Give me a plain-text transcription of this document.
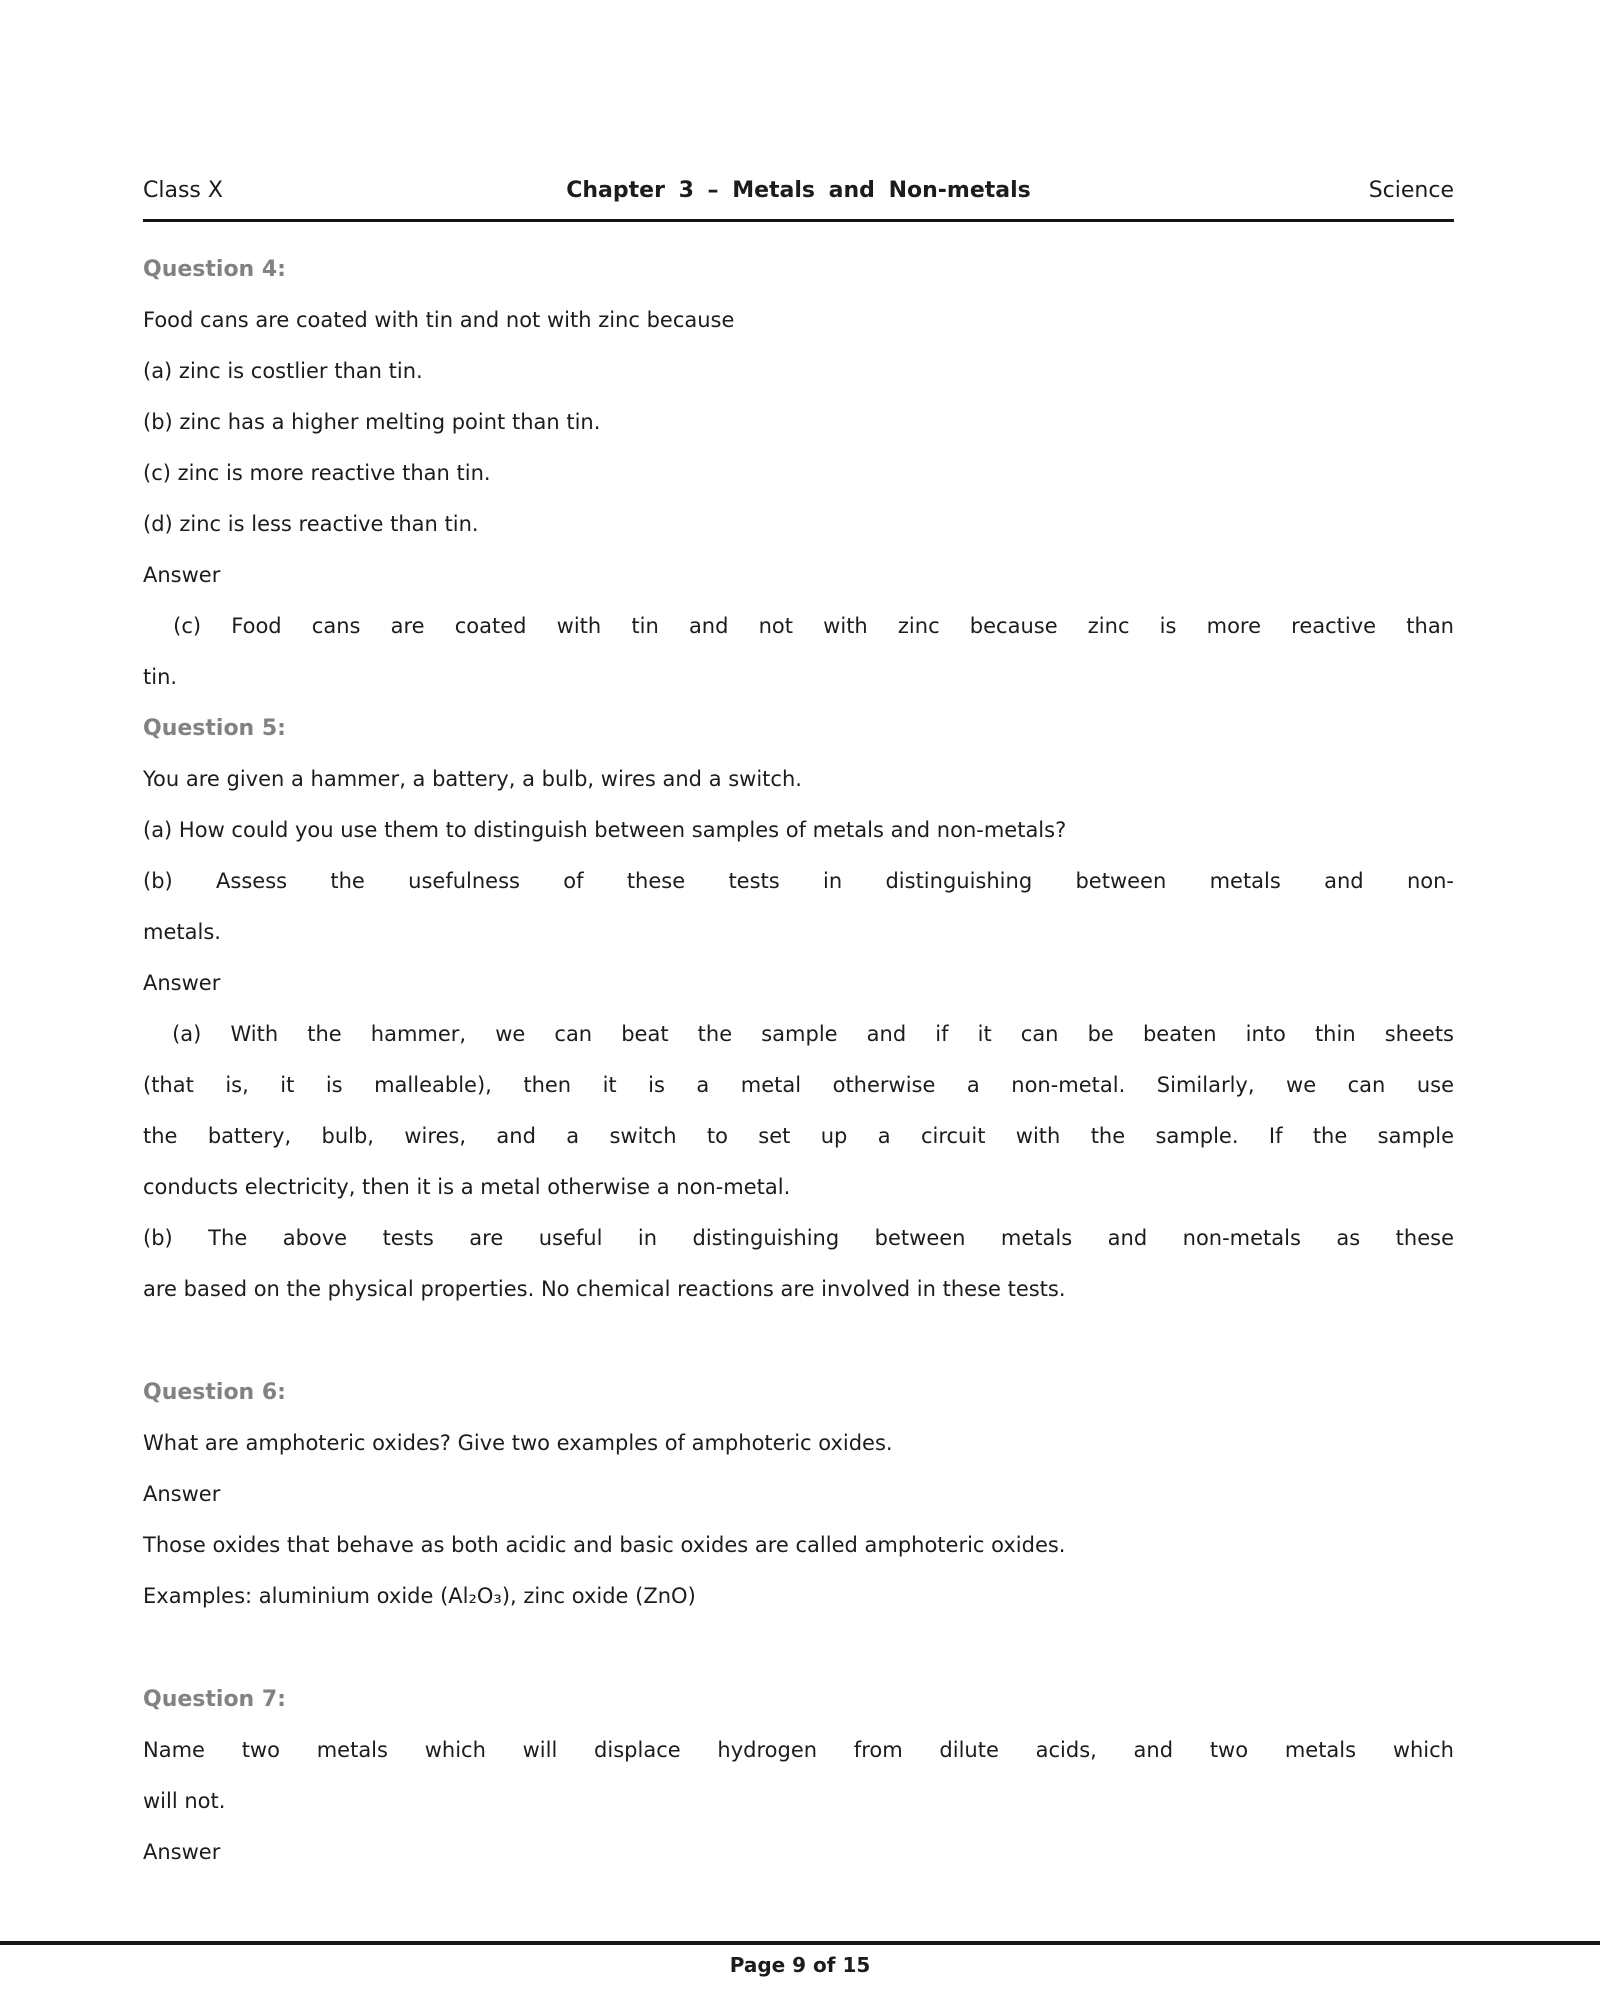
Class X	Chapter 3 – Metals and Non-metals	Science
Question 4:
Food cans are coated with tin and not with zinc because
(a) zinc is costlier than tin.
(b) zinc has a higher melting point than tin.
(c) zinc is more reactive than tin.
(d) zinc is less reactive than tin.
Answer
(c) Food cans are coated with tin and not with zinc because zinc is more reactive than
tin.
Question 5:
You are given a hammer, a battery, a bulb, wires and a switch.
(a) How could you use them to distinguish between samples of metals and non-metals?
(b) Assess the usefulness of these tests in distinguishing between metals and non-
metals.
Answer
(a) With the hammer, we can beat the sample and if it can be beaten into thin sheets
(that is, it is malleable), then it is a metal otherwise a non-metal. Similarly, we can use
the battery, bulb, wires, and a switch to set up a circuit with the sample. If the sample
conducts electricity, then it is a metal otherwise a non-metal.
(b) The above tests are useful in distinguishing between metals and non-metals as these
are based on the physical properties. No chemical reactions are involved in these tests.
Question 6:
What are amphoteric oxides? Give two examples of amphoteric oxides.
Answer
Those oxides that behave as both acidic and basic oxides are called amphoteric oxides.
Examples: aluminium oxide (Al₂O₃), zinc oxide (ZnO)
Question 7:
Name two metals which will displace hydrogen from dilute acids, and two metals which
will not.
Answer
Page 9 of 15
